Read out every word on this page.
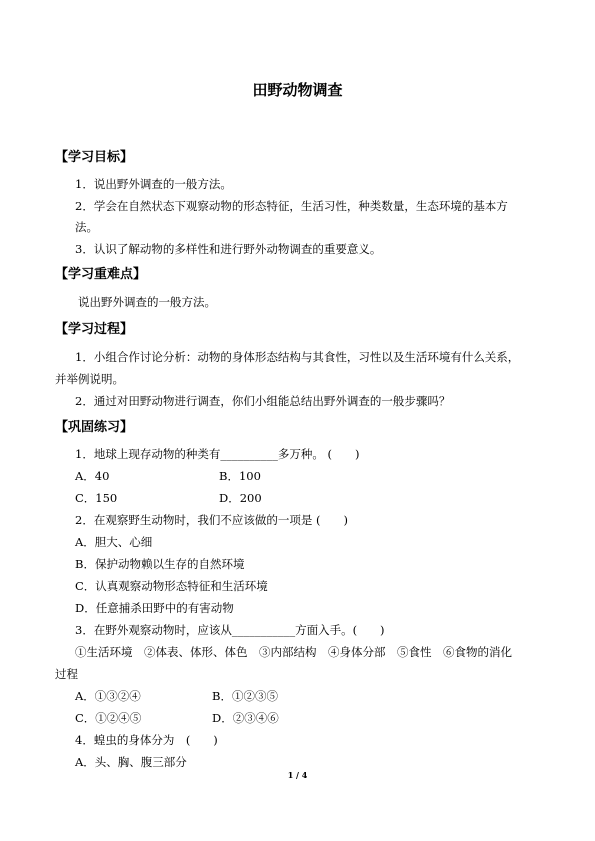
田野动物调查
【学习目标】
1．说出野外调查的一般方法。
2．学会在自然状态下观察动物的形态特征，生活习性，种类数量，生态环境的基本方
法。
3．认识了解动物的多样性和进行野外动物调查的重要意义。
【学习重难点】
说出野外调查的一般方法。
【学习过程】
1．小组合作讨论分析：动物的身体形态结构与其食性，习性以及生活环境有什么关系，
并举例说明。
2．通过对田野动物进行调查，你们小组能总结出野外调查的一般步骤吗？
【巩固练习】
1．地球上现存动物的种类有__________多万种。 (　　)
A．40	B．100
C．150	D．200
2．在观察野生动物时，我们不应该做的一项是 (　　)
A．胆大、心细
B．保护动物赖以生存的自然环境
C．认真观察动物形态特征和生活环境
D．任意捕杀田野中的有害动物
3．在野外观察动物时，应该从___________方面入手。(　　)
①生活环境　②体表、体形、体色　③内部结构　④身体分部　⑤食性　⑥食物的消化
过程
A．①③②④	B．①②③⑤
C．①②④⑤	D．②③④⑥
4．蝗虫的身体分为　(　　)
A．头、胸、腹三部分
1 / 4
